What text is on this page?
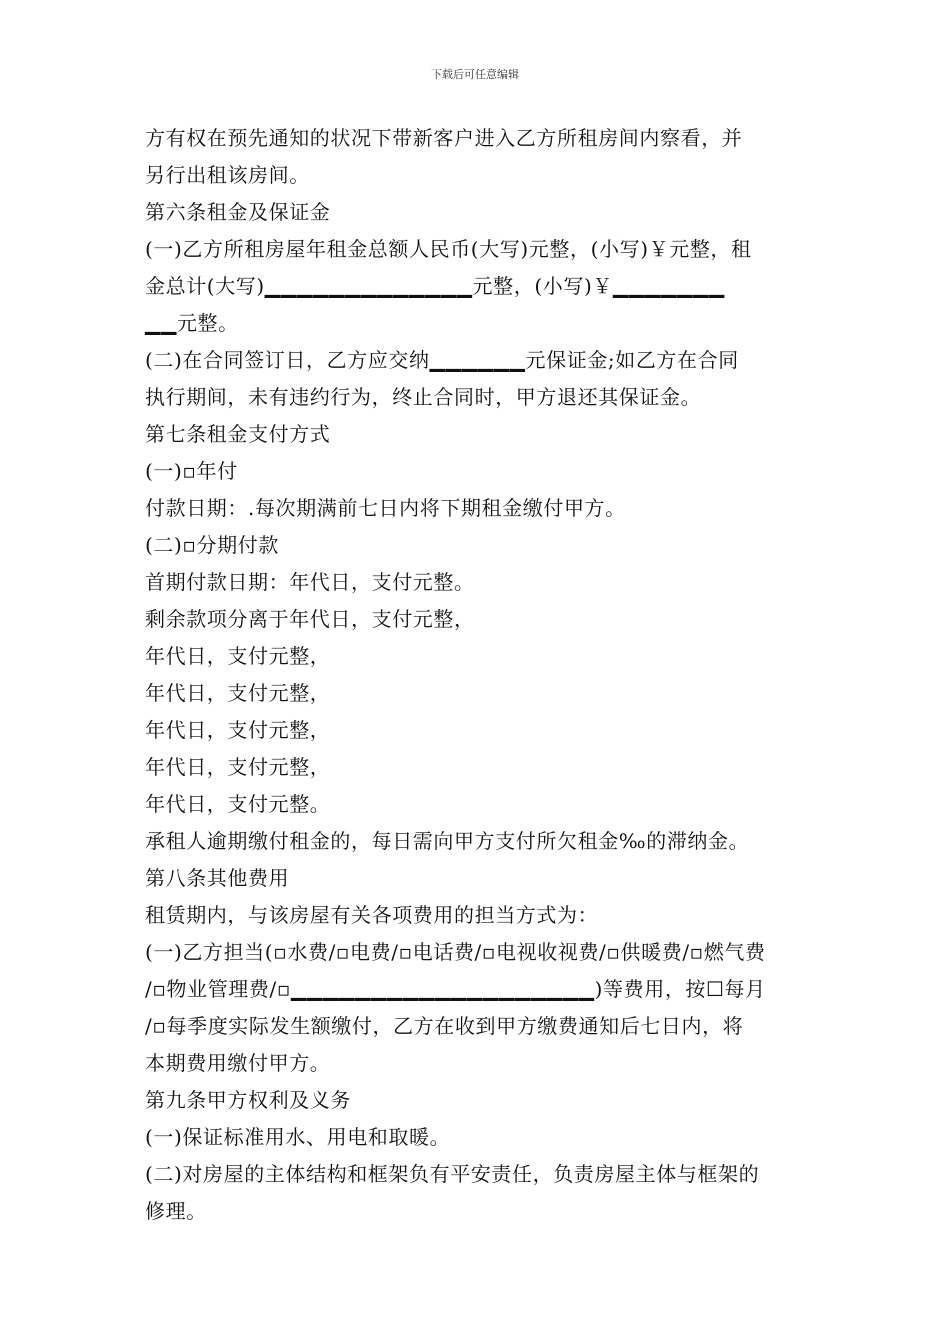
下载后可任意编辑
方有权在预先通知的状况下带新客户进入乙方所租房间内察看，并
另行出租该房间。
第六条租金及保证金
(一)乙方所租房屋年租金总额人民币(大写)元整，(小写)￥元整，租
金总计(大写)▁▁▁▁▁▁▁▁▁▁▁▁▁元整，(小写)￥▁▁▁▁▁▁▁
▁▁元整。
(二)在合同签订日，乙方应交纳▁▁▁▁▁▁元保证金;如乙方在合同
执行期间，未有违约行为，终止合同时，甲方退还其保证金。
第七条租金支付方式
(一)▫年付
付款日期：.每次期满前七日内将下期租金缴付甲方。
(二)▫分期付款
首期付款日期：年代日，支付元整。
剩余款项分离于年代日，支付元整，
年代日，支付元整，
年代日，支付元整，
年代日，支付元整，
年代日，支付元整，
年代日，支付元整。
承租人逾期缴付租金的，每日需向甲方支付所欠租金‰的滞纳金。
第八条其他费用
租赁期内，与该房屋有关各项费用的担当方式为：
(一)乙方担当(▫水费/▫电费/▫电话费/▫电视收视费/▫供暖费/▫燃气费
/▫物业管理费/▫▁▁▁▁▁▁▁▁▁▁▁▁▁▁▁▁▁▁▁)等费用，按☐每月
/▫每季度实际发生额缴付，乙方在收到甲方缴费通知后七日内，将
本期费用缴付甲方。
第九条甲方权利及义务
(一)保证标准用水、用电和取暖。
(二)对房屋的主体结构和框架负有平安责任，负责房屋主体与框架的
修理。
